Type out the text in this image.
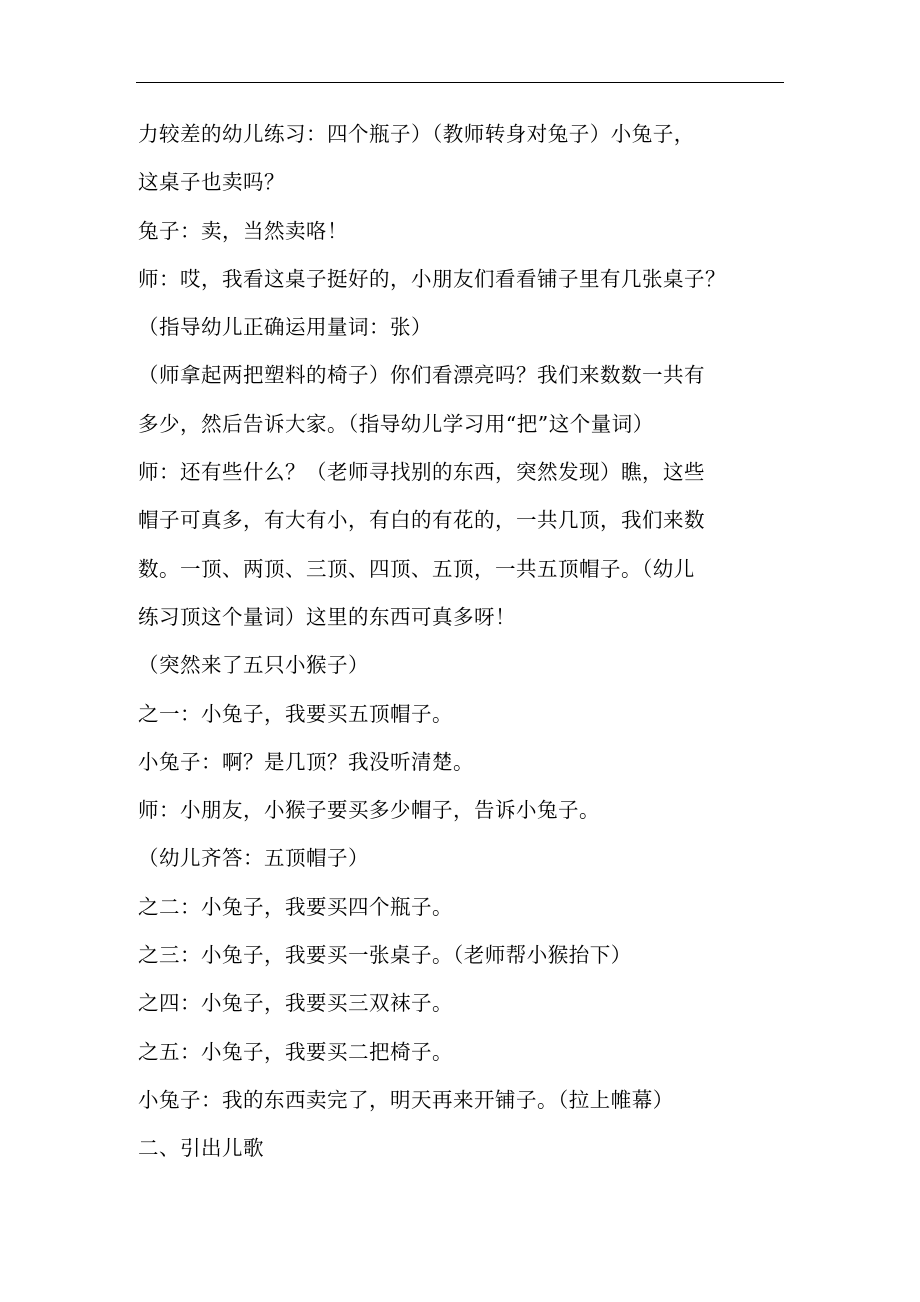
力较差的幼儿练习：四个瓶子）（教师转身对兔子）小兔子，
这桌子也卖吗？
兔子：卖，当然卖咯！
师：哎，我看这桌子挺好的，小朋友们看看铺子里有几张桌子？
（指导幼儿正确运用量词：张）
（师拿起两把塑料的椅子）你们看漂亮吗？我们来数数一共有
多少，然后告诉大家。（指导幼儿学习用“把”这个量词）
师：还有些什么？（老师寻找别的东西，突然发现）瞧，这些
帽子可真多，有大有小，有白的有花的，一共几顶，我们来数
数。一顶、两顶、三顶、四顶、五顶，一共五顶帽子。（幼儿
练习顶这个量词）这里的东西可真多呀！
（突然来了五只小猴子）
之一：小兔子，我要买五顶帽子。
小兔子：啊？是几顶？我没听清楚。
师：小朋友，小猴子要买多少帽子，告诉小兔子。
（幼儿齐答：五顶帽子）
之二：小兔子，我要买四个瓶子。
之三：小兔子，我要买一张桌子。（老师帮小猴抬下）
之四：小兔子，我要买三双袜子。
之五：小兔子，我要买二把椅子。
小兔子：我的东西卖完了，明天再来开铺子。（拉上帷幕）
二、引出儿歌
